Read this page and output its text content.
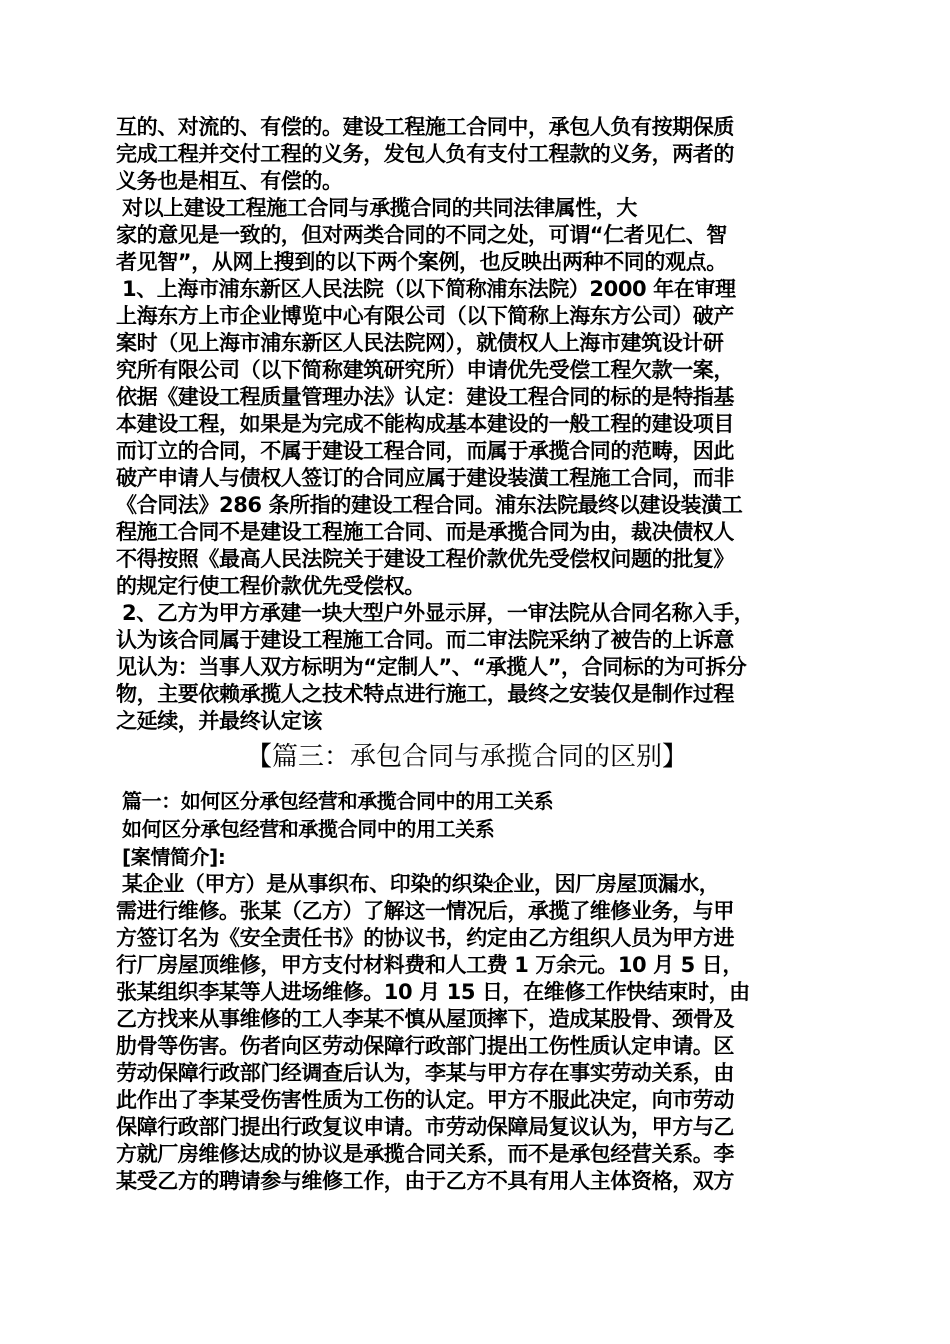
互的、对流的、有偿的。建设工程施工合同中，承包人负有按期保质
完成工程并交付工程的义务，发包人负有支付工程款的义务，两者的
义务也是相互、有偿的。
对以上建设工程施工合同与承揽合同的共同法律属性，大
家的意见是一致的，但对两类合同的不同之处，可谓“仁者见仁、智
者见智”，从网上搜到的以下两个案例，也反映出两种不同的观点。
1、上海市浦东新区人民法院（以下简称浦东法院）2000 年在审理
上海东方上市企业博览中心有限公司（以下简称上海东方公司）破产
案时（见上海市浦东新区人民法院网），就债权人上海市建筑设计研
究所有限公司（以下简称建筑研究所）申请优先受偿工程欠款一案，
依据《建设工程质量管理办法》认定：建设工程合同的标的是特指基
本建设工程，如果是为完成不能构成基本建设的一般工程的建设项目
而订立的合同，不属于建设工程合同，而属于承揽合同的范畴，因此
破产申请人与债权人签订的合同应属于建设装潢工程施工合同，而非
《合同法》286 条所指的建设工程合同。浦东法院最终以建设装潢工
程施工合同不是建设工程施工合同、而是承揽合同为由，裁决债权人
不得按照《最高人民法院关于建设工程价款优先受偿权问题的批复》
的规定行使工程价款优先受偿权。
2、乙方为甲方承建一块大型户外显示屏，一审法院从合同名称入手，
认为该合同属于建设工程施工合同。而二审法院采纳了被告的上诉意
见认为：当事人双方标明为“定制人”、“承揽人”，合同标的为可拆分
物，主要依赖承揽人之技术特点进行施工，最终之安装仅是制作过程
之延续，并最终认定该
【篇三：承包合同与承揽合同的区别】
篇一：如何区分承包经营和承揽合同中的用工关系
如何区分承包经营和承揽合同中的用工关系
[案情简介]:
某企业（甲方）是从事织布、印染的织染企业，因厂房屋顶漏水，
需进行维修。张某（乙方）了解这一情况后，承揽了维修业务，与甲
方签订名为《安全责任书》的协议书，约定由乙方组织人员为甲方进
行厂房屋顶维修，甲方支付材料费和人工费 1 万余元。10 月 5 日，
张某组织李某等人进场维修。10 月 15 日，在维修工作快结束时，由
乙方找来从事维修的工人李某不慎从屋顶摔下，造成某股骨、颈骨及
肋骨等伤害。伤者向区劳动保障行政部门提出工伤性质认定申请。区
劳动保障行政部门经调查后认为，李某与甲方存在事实劳动关系，由
此作出了李某受伤害性质为工伤的认定。甲方不服此决定，向市劳动
保障行政部门提出行政复议申请。市劳动保障局复议认为，甲方与乙
方就厂房维修达成的协议是承揽合同关系，而不是承包经营关系。李
某受乙方的聘请参与维修工作，由于乙方不具有用人主体资格，双方
